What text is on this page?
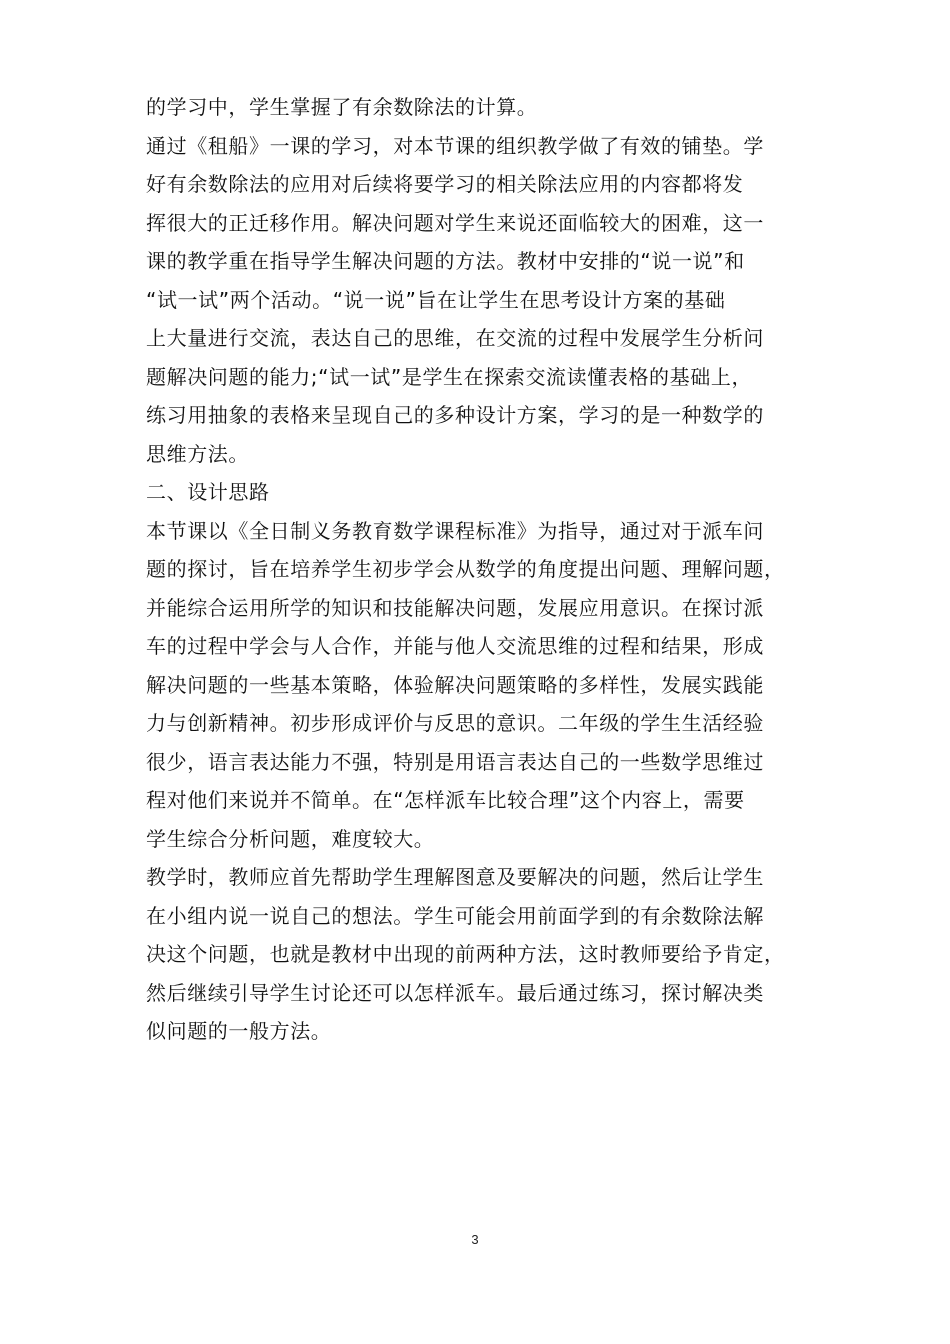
的学习中，学生掌握了有余数除法的计算。
通过《租船》一课的学习，对本节课的组织教学做了有效的铺垫。学
好有余数除法的应用对后续将要学习的相关除法应用的内容都将发
挥很大的正迁移作用。解决问题对学生来说还面临较大的困难，这一
课的教学重在指导学生解决问题的方法。教材中安排的“说一说”和
“试一试”两个活动。“说一说”旨在让学生在思考设计方案的基础
上大量进行交流，表达自己的思维，在交流的过程中发展学生分析问
题解决问题的能力;“试一试”是学生在探索交流读懂表格的基础上，
练习用抽象的表格来呈现自己的多种设计方案，学习的是一种数学的
思维方法。
二、设计思路
本节课以《全日制义务教育数学课程标准》为指导，通过对于派车问
题的探讨，旨在培养学生初步学会从数学的角度提出问题、理解问题，
并能综合运用所学的知识和技能解决问题，发展应用意识。在探讨派
车的过程中学会与人合作，并能与他人交流思维的过程和结果，形成
解决问题的一些基本策略，体验解决问题策略的多样性，发展实践能
力与创新精神。初步形成评价与反思的意识。二年级的学生生活经验
很少，语言表达能力不强，特别是用语言表达自己的一些数学思维过
程对他们来说并不简单。在“怎样派车比较合理”这个内容上，需要
学生综合分析问题，难度较大。
教学时，教师应首先帮助学生理解图意及要解决的问题，然后让学生
在小组内说一说自己的想法。学生可能会用前面学到的有余数除法解
决这个问题，也就是教材中出现的前两种方法，这时教师要给予肯定，
然后继续引导学生讨论还可以怎样派车。最后通过练习，探讨解决类
似问题的一般方法。
3
